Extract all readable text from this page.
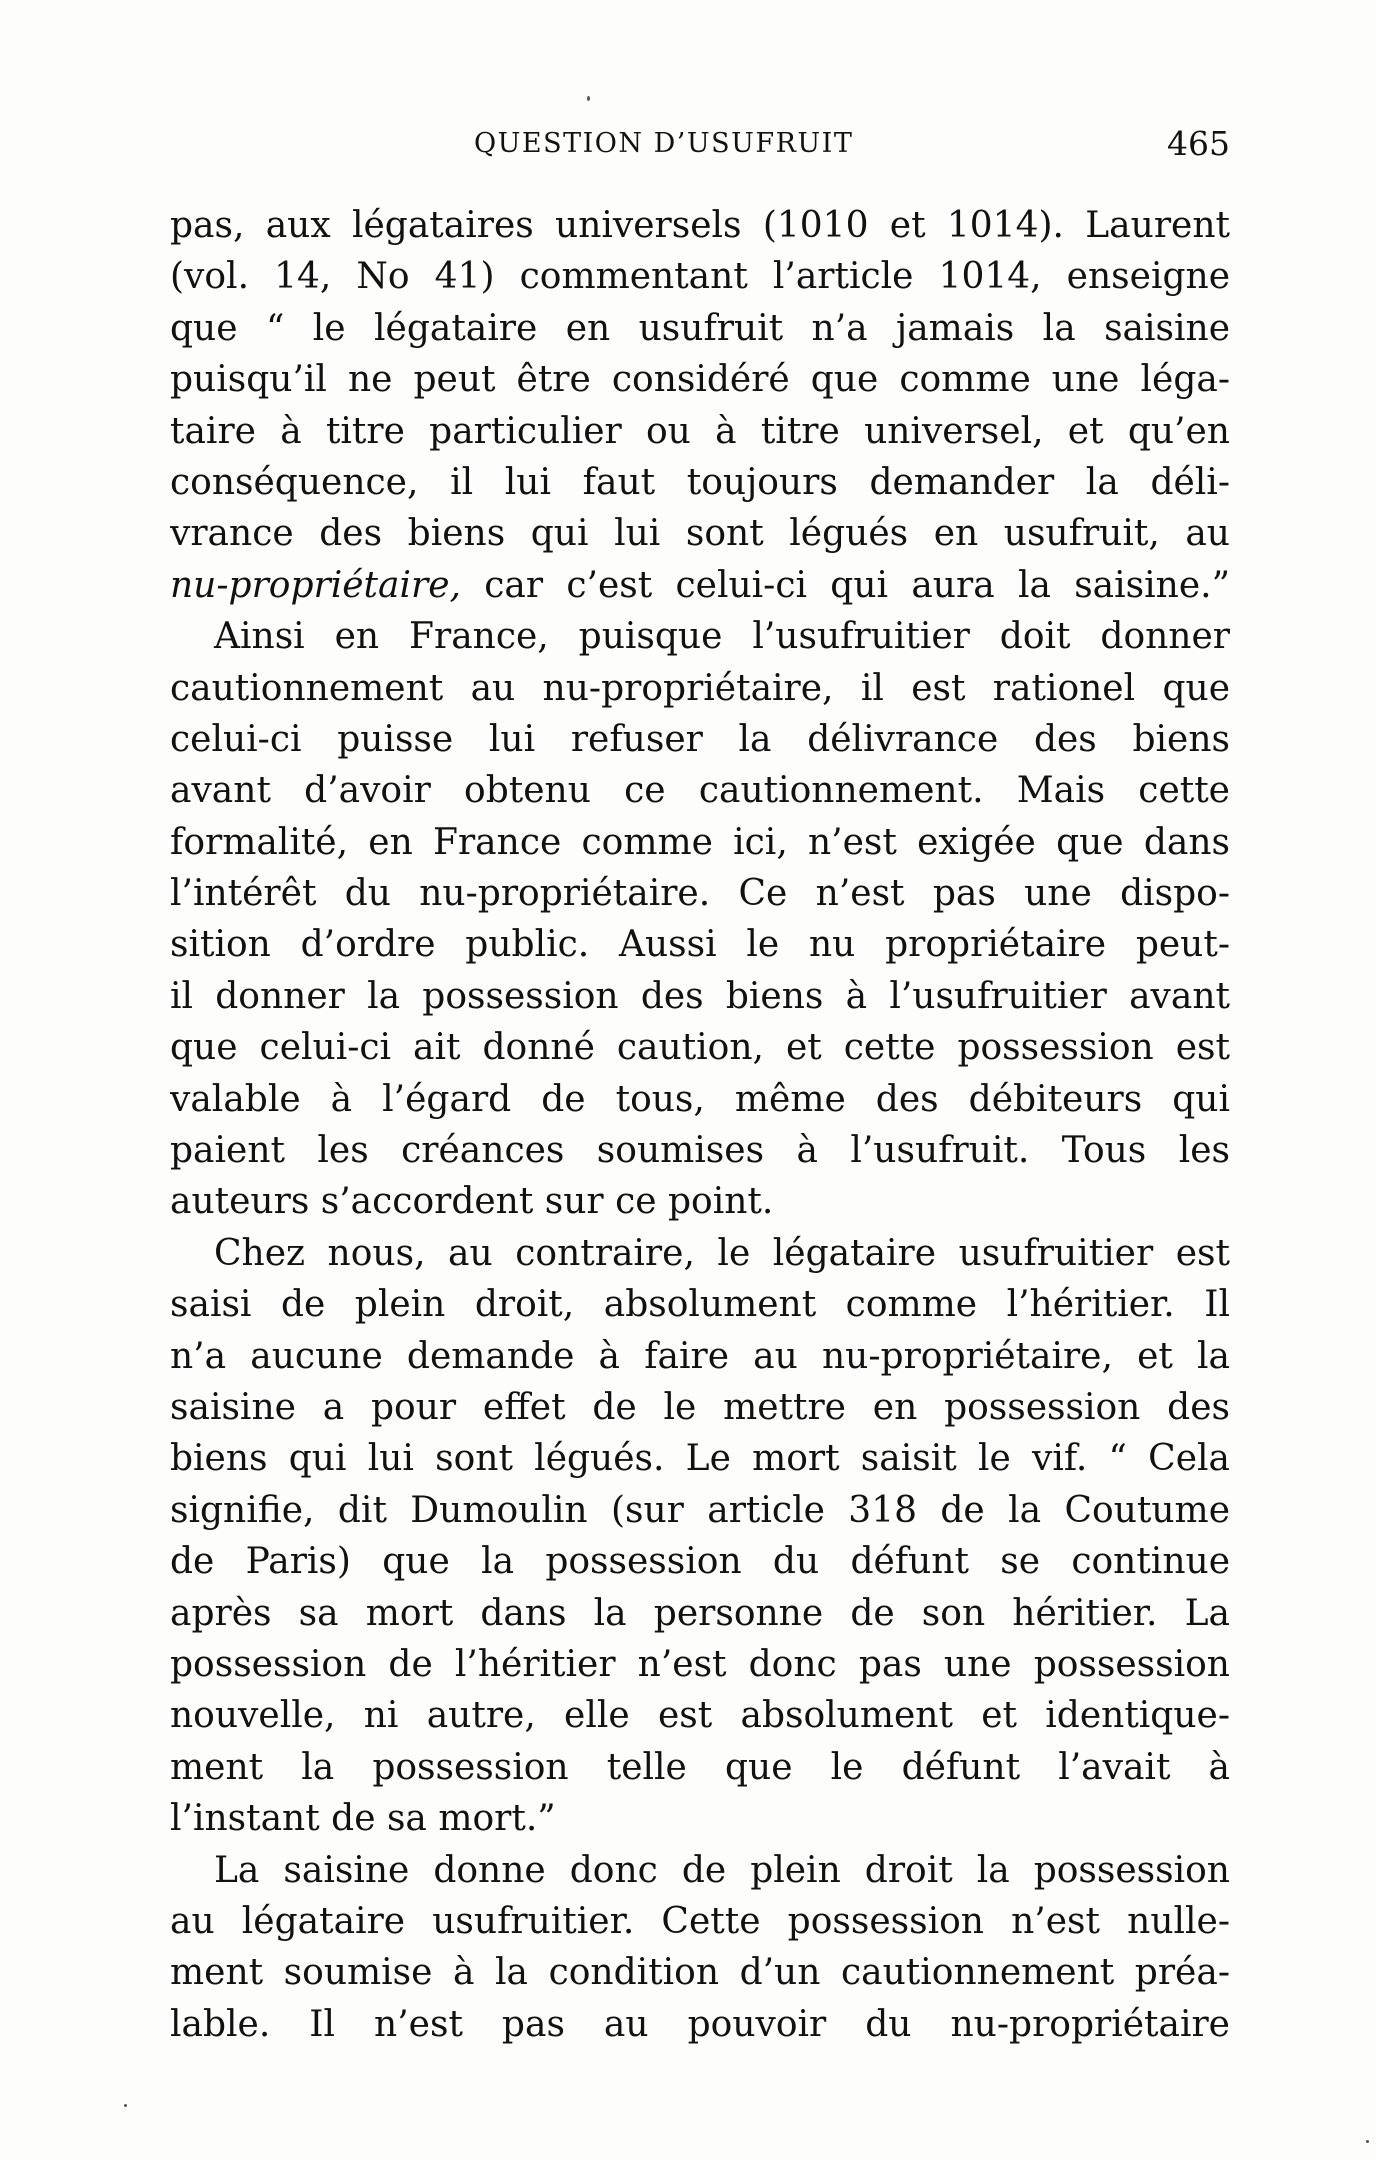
QUESTION D’USUFRUIT	465
pas, aux légataires universels (1010 et 1014). Laurent
(vol. 14, No 41) commentant l’article 1014, enseigne
que “ le légataire en usufruit n’a jamais la saisine
puisqu’il ne peut être considéré que comme une léga-
taire à titre particulier ou à titre universel, et qu’en
conséquence, il lui faut toujours demander la déli-
vrance des biens qui lui sont légués en usufruit, au
nu-propriétaire, car c’est celui-ci qui aura la saisine.”
Ainsi en France, puisque l’usufruitier doit donner
cautionnement au nu-propriétaire, il est rationel que
celui-ci puisse lui refuser la délivrance des biens
avant d’avoir obtenu ce cautionnement. Mais cette
formalité, en France comme ici, n’est exigée que dans
l’intérêt du nu-propriétaire. Ce n’est pas une dispo-
sition d’ordre public. Aussi le nu propriétaire peut-
il donner la possession des biens à l’usufruitier avant
que celui-ci ait donné caution, et cette possession est
valable à l’égard de tous, même des débiteurs qui
paient les créances soumises à l’usufruit. Tous les
auteurs s’accordent sur ce point.
Chez nous, au contraire, le légataire usufruitier est
saisi de plein droit, absolument comme l’héritier. Il
n’a aucune demande à faire au nu-propriétaire, et la
saisine a pour effet de le mettre en possession des
biens qui lui sont légués. Le mort saisit le vif. “ Cela
signifie, dit Dumoulin (sur article 318 de la Coutume
de Paris) que la possession du défunt se continue
après sa mort dans la personne de son héritier. La
possession de l’héritier n’est donc pas une possession
nouvelle, ni autre, elle est absolument et identique-
ment la possession telle que le défunt l’avait à
l’instant de sa mort.”
La saisine donne donc de plein droit la possession
au légataire usufruitier. Cette possession n’est nulle-
ment soumise à la condition d’un cautionnement préa-
lable. Il n’est pas au pouvoir du nu-propriétaire
